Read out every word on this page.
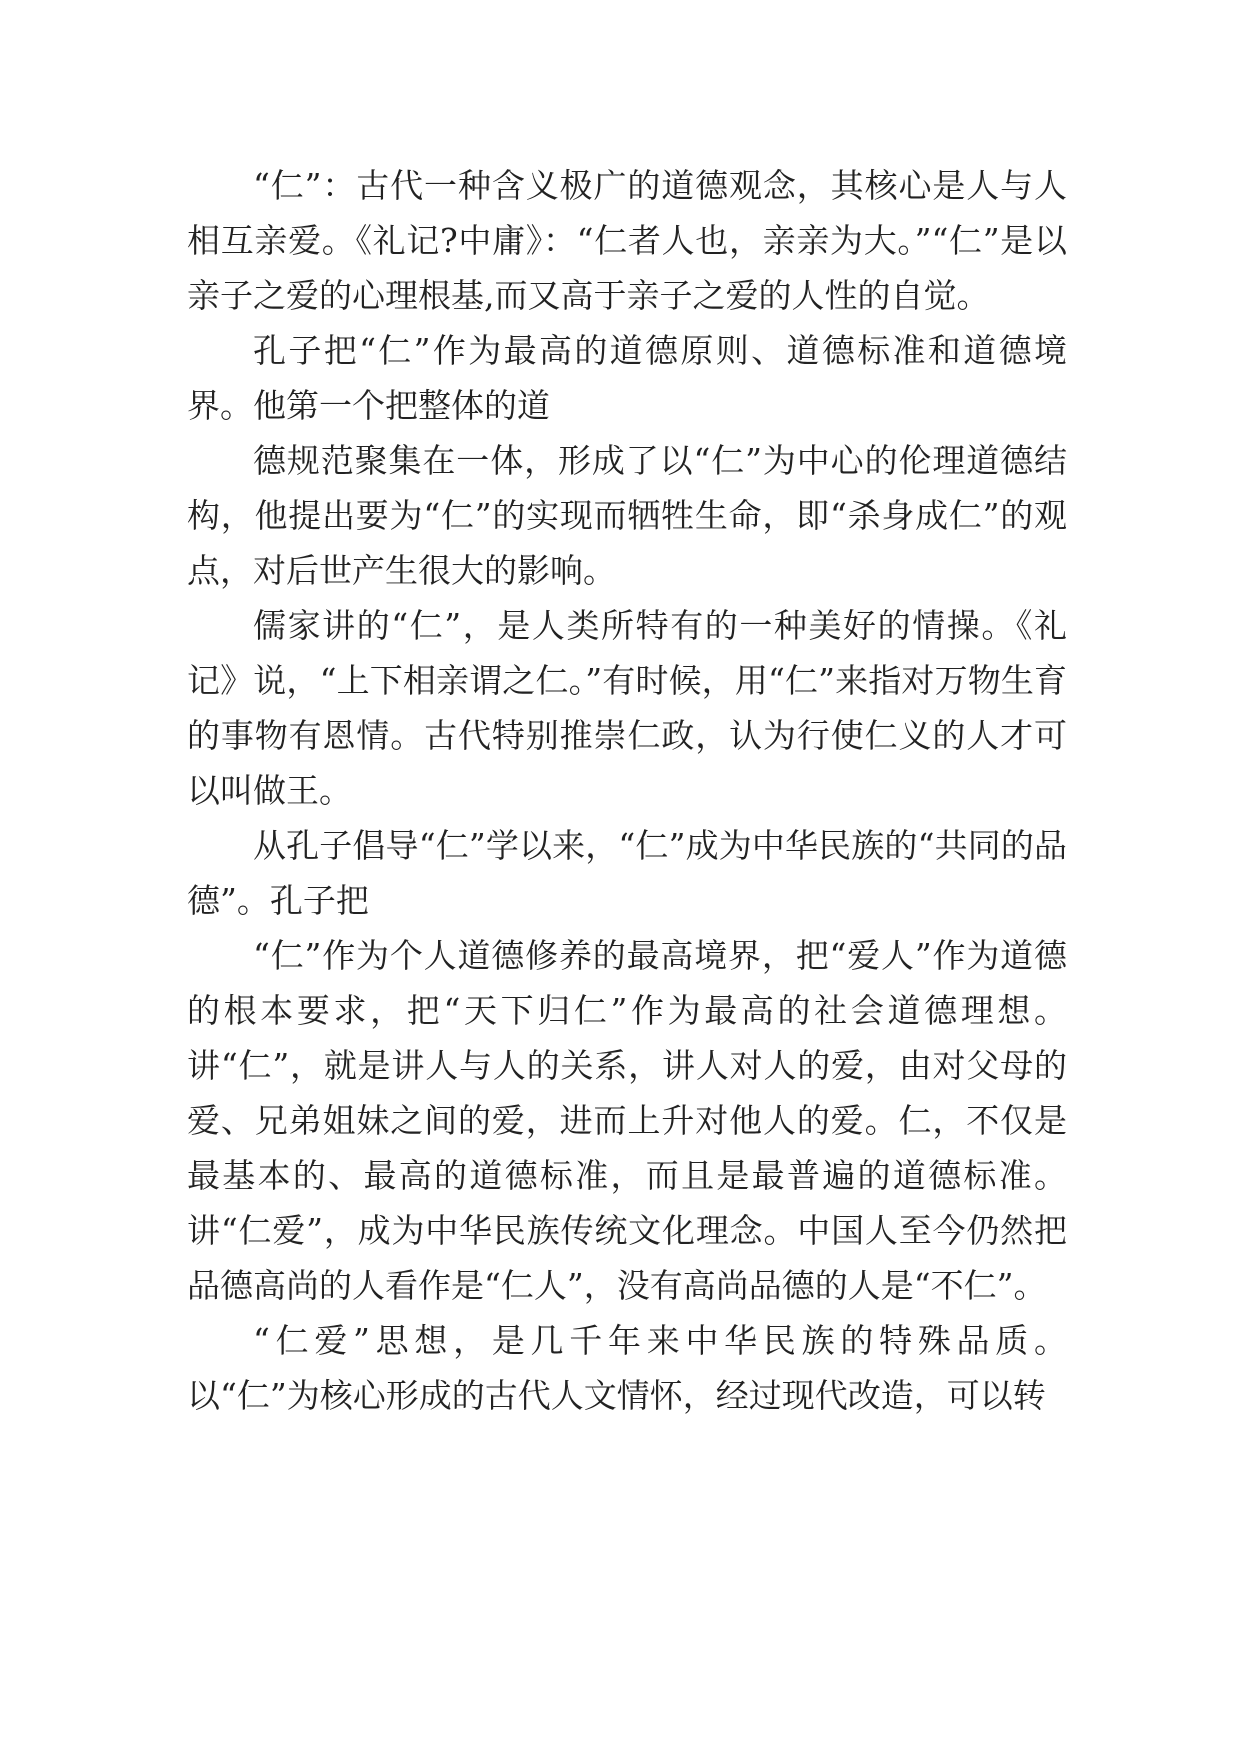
“仁”：古代一种含义极广的道德观念，其核心是人与人相互亲爱。《礼记?中庸》：“仁者人也，亲亲为大。”“仁”是以亲子之爱的心理根基,而又高于亲子之爱的人性的自觉。

孔子把“仁”作为最高的道德原则、道德标准和道德境界。他第一个把整体的道

德规范聚集在一体，形成了以“仁”为中心的伦理道德结构，他提出要为“仁”的实现而牺牲生命，即“杀身成仁”的观点，对后世产生很大的影响。

儒家讲的“仁”，是人类所特有的一种美好的情操。《礼记》说，“上下相亲谓之仁。”有时候，用“仁”来指对万物生育的事物有恩情。古代特别推崇仁政，认为行使仁义的人才可以叫做王。

从孔子倡导“仁”学以来，“仁”成为中华民族的“共同的品德”。孔子把

“仁”作为个人道德修养的最高境界，把“爱人”作为道德的根本要求，把“天下归仁”作为最高的社会道德理想。讲“仁”，就是讲人与人的关系，讲人对人的爱，由对父母的爱、兄弟姐妹之间的爱，进而上升对他人的爱。仁，不仅是最基本的、最高的道德标准，而且是最普遍的道德标准。讲“仁爱”，成为中华民族传统文化理念。中国人至今仍然把品德高尚的人看作是“仁人”，没有高尚品德的人是“不仁”。

“仁爱”思想，是几千年来中华民族的特殊品质。以“仁”为核心形成的古代人文情怀，经过现代改造，可以转
